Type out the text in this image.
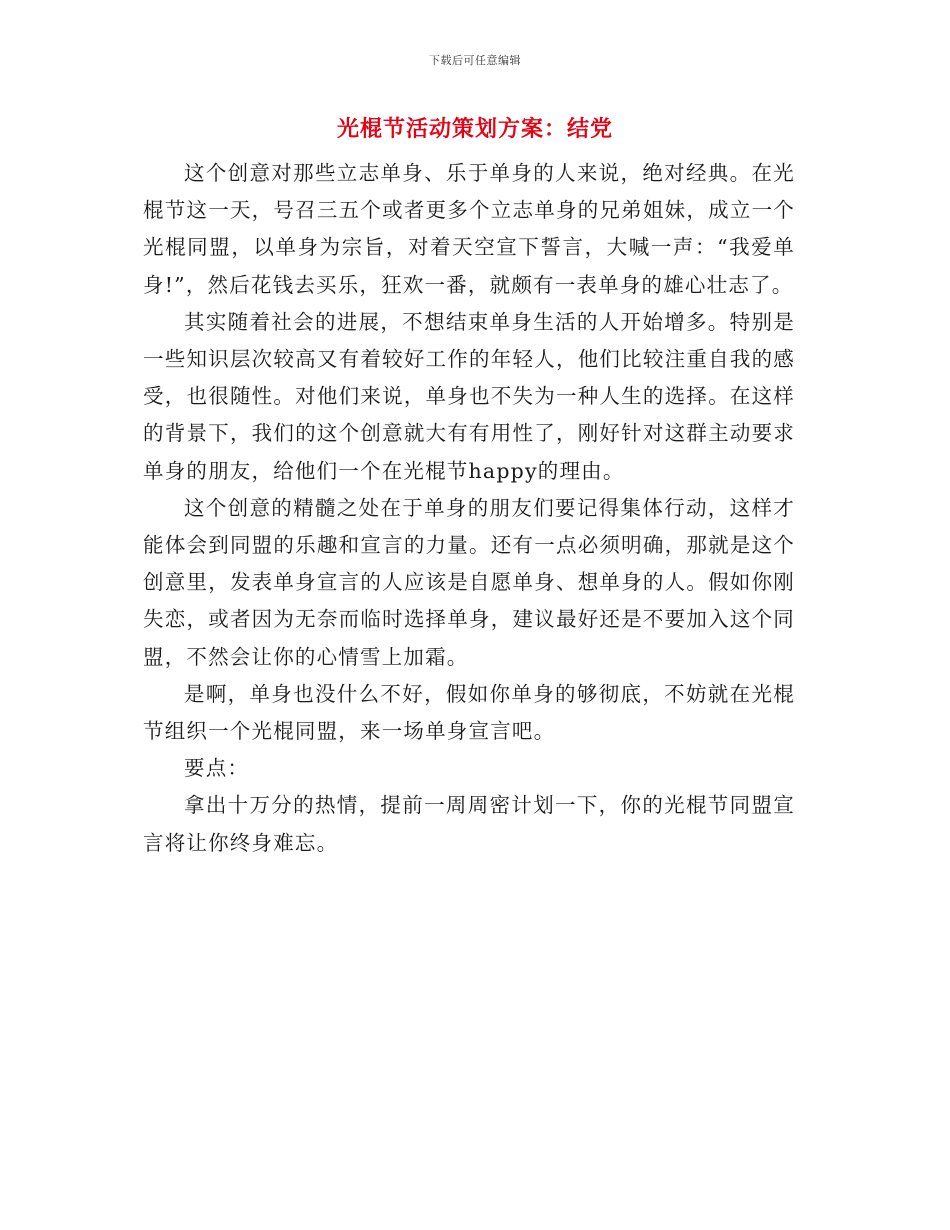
下载后可任意编辑
光棍节活动策划方案：结党

这个创意对那些立志单身、乐于单身的人来说，绝对经典。在光棍节这一天，号召三五个或者更多个立志单身的兄弟姐妹，成立一个光棍同盟，以单身为宗旨，对着天空宣下誓言，大喊一声：“我爱单身!”，然后花钱去买乐，狂欢一番，就颇有一表单身的雄心壮志了。

其实随着社会的进展，不想结束单身生活的人开始增多。特别是一些知识层次较高又有着较好工作的年轻人，他们比较注重自我的感受，也很随性。对他们来说，单身也不失为一种人生的选择。在这样的背景下，我们的这个创意就大有有用性了，刚好针对这群主动要求单身的朋友，给他们一个在光棍节happy的理由。

这个创意的精髓之处在于单身的朋友们要记得集体行动，这样才能体会到同盟的乐趣和宣言的力量。还有一点必须明确，那就是这个创意里，发表单身宣言的人应该是自愿单身、想单身的人。假如你刚失恋，或者因为无奈而临时选择单身，建议最好还是不要加入这个同盟，不然会让你的心情雪上加霜。

是啊，单身也没什么不好，假如你单身的够彻底，不妨就在光棍节组织一个光棍同盟，来一场单身宣言吧。

要点：

拿出十万分的热情，提前一周周密计划一下，你的光棍节同盟宣言将让你终身难忘。
